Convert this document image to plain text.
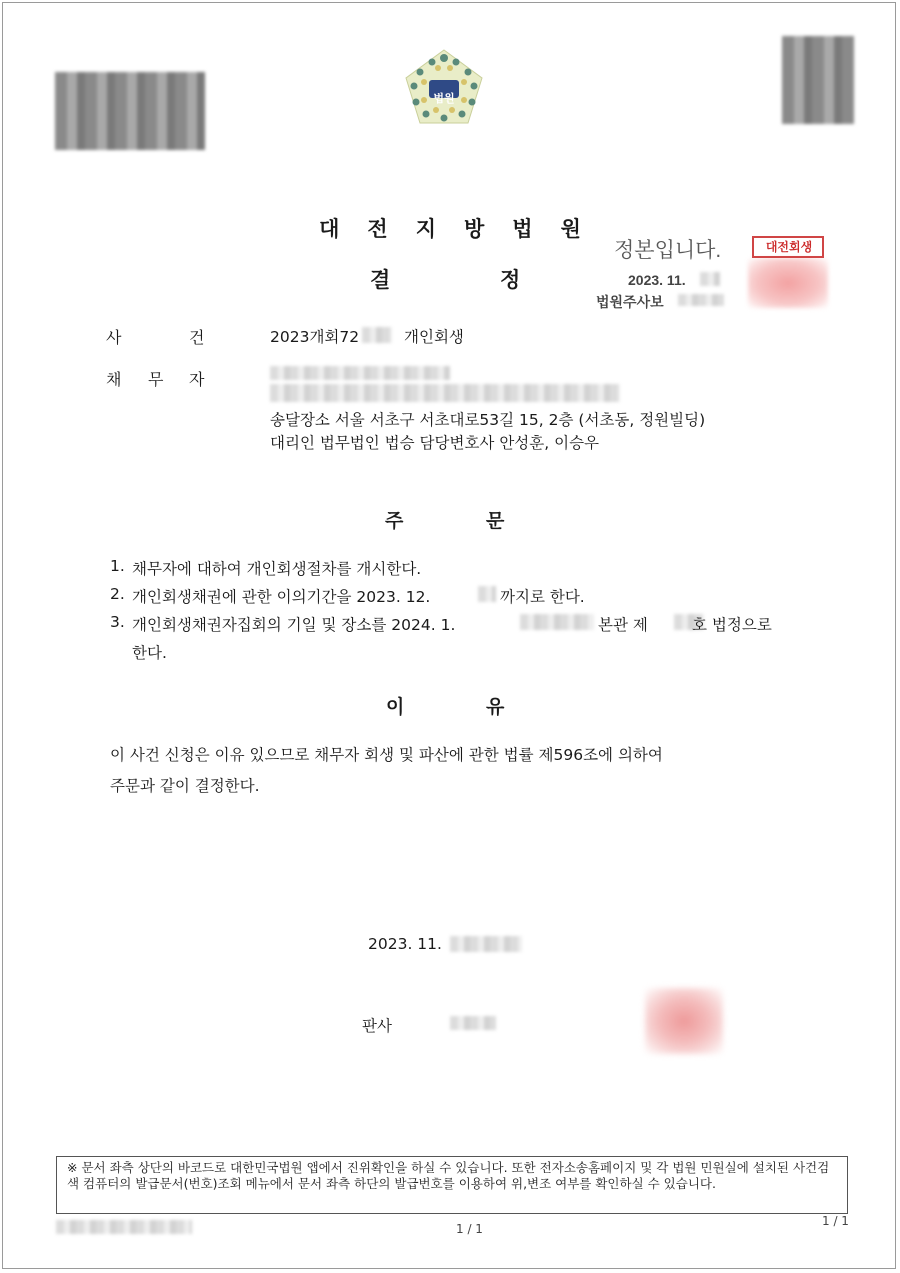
법원
대전지방법원
결	정
정본입니다.
2023. 11.
법원주사보
대전회생
사	건	2023개회72	개인회생
채 무 자
송달장소 서울 서초구 서초대로53길 15, 2층 (서초동, 정원빌딩)
대리인 법무법인 법승 담당변호사 안성훈, 이승우
주	문
1. 채무자에 대하여 개인회생절차를 개시한다.
2. 개인회생채권에 관한 이의기간을 2023. 12.	까지로 한다.
3. 개인회생채권자집회의 기일 및 장소를 2024. 1.	본관 제	호 법정으로
한다.
이	유
이 사건 신청은 이유 있으므로 채무자 회생 및 파산에 관한 법률 제596조에 의하여
주문과 같이 결정한다.
2023. 11.
판사
※ 문서 좌측 상단의 바코드로 대한민국법원 앱에서 진위확인을 하실 수 있습니다. 또한 전자소송홈페이지 및 각 법원 민원실에 설치된 사건검색 컴퓨터의 발급문서(번호)조회 메뉴에서 문서 좌측 하단의 발급번호를 이용하여 위,변조 여부를 확인하실 수 있습니다.
1 / 1
1 / 1
